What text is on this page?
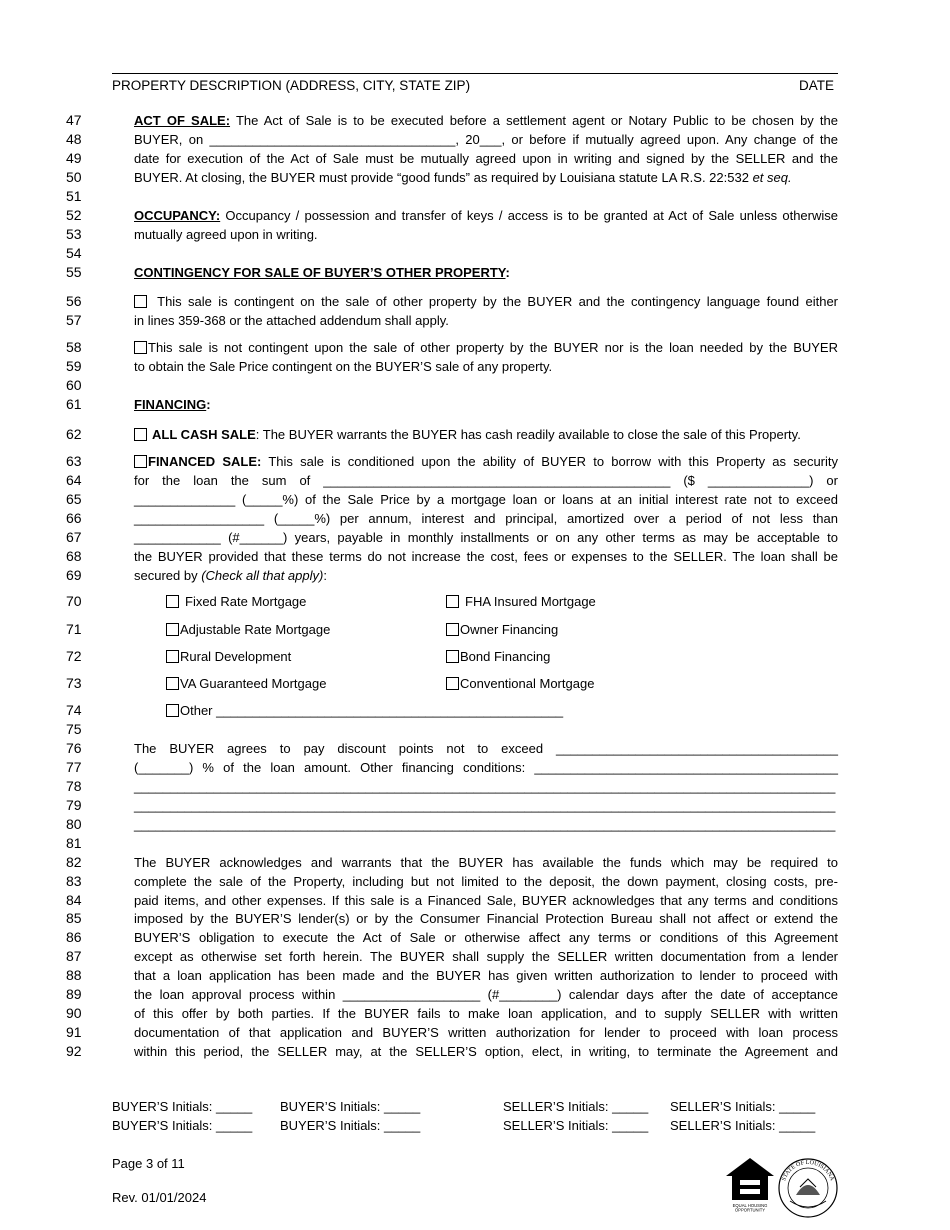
PROPERTY DESCRIPTION (ADDRESS, CITY, STATE ZIP)	DATE
47
48
49
50
51
52
53
54
55
56
57
58
59
60
61
62
63
64
65
66
67
68
69
70
71
72
73
74
75
76
77
78
79
80
81
82
83
84
85
86
87
88
89
90
91
92
ACT OF SALE: The Act of Sale is to be executed before a settlement agent or Notary Public to be chosen by the
BUYER, on __________________________________, 20___, or before if mutually agreed upon. Any change of the
date for execution of the Act of Sale must be mutually agreed upon in writing and signed by the SELLER and the
BUYER. At closing, the BUYER must provide “good funds” as required by Louisiana statute LA R.S. 22:532 et seq.
OCCUPANCY: Occupancy / possession and transfer of keys / access is to be granted at Act of Sale unless otherwise
mutually agreed upon in writing.
CONTINGENCY FOR SALE OF BUYER’S OTHER PROPERTY:
This sale is contingent on the sale of other property by the BUYER and the contingency language found either
in lines 359-368 or the attached addendum shall apply.
This sale is not contingent upon the sale of other property by the BUYER nor is the loan needed by the BUYER
to obtain the Sale Price contingent on the BUYER’S sale of any property.
FINANCING:
ALL CASH SALE: The BUYER warrants the BUYER has cash readily available to close the sale of this Property.
FINANCED SALE: This sale is conditioned upon the ability of BUYER to borrow with this Property as security
for the loan the sum of ________________________________________________ ($ ______________) or
______________ (_____%) of the Sale Price by a mortgage loan or loans at an initial interest rate not to exceed
__________________ (_____%) per annum, interest and principal, amortized over a period of not less than
____________ (#______) years, payable in monthly installments or on any other terms as may be acceptable to
the BUYER provided that these terms do not increase the cost, fees or expenses to the SELLER. The loan shall be
secured by (Check all that apply):
Fixed Rate Mortgage	FHA Insured Mortgage
Adjustable Rate Mortgage	Owner Financing
Rural Development	Bond Financing
VA Guaranteed Mortgage	Conventional Mortgage
Other ________________________________________________
The BUYER agrees to pay discount points not to exceed _______________________________________
(_______) % of the loan amount. Other financing conditions: __________________________________________
_________________________________________________________________________________________________
_________________________________________________________________________________________________
_________________________________________________________________________________________________
The BUYER acknowledges and warrants that the BUYER has available the funds which may be required to
complete the sale of the Property, including but not limited to the deposit, the down payment, closing costs, pre-
paid items, and other expenses. If this sale is a Financed Sale, BUYER acknowledges that any terms and conditions
imposed by the BUYER’S lender(s) or by the Consumer Financial Protection Bureau shall not affect or extend the
BUYER’S obligation to execute the Act of Sale or otherwise affect any terms or conditions of this Agreement
except as otherwise set forth herein. The BUYER shall supply the SELLER written documentation from a lender
that a loan application has been made and the BUYER has given written authorization to lender to proceed with
the loan approval process within ___________________ (#________) calendar days after the date of acceptance
of this offer by both parties. If the BUYER fails to make loan application, and to supply SELLER with written
documentation of that application and BUYER’S written authorization for lender to proceed with loan process
within this period, the SELLER may, at the SELLER’S option, elect, in writing, to terminate the Agreement and
BUYER’S Initials: _____ BUYER’S Initials: _____	SELLER’S Initials: _____ SELLER’S Initials: _____
BUYER’S Initials: _____ BUYER’S Initials: _____	SELLER’S Initials: _____ SELLER’S Initials: _____
Page 3 of 11
Rev. 01/01/2024
EQUAL HOUSING
OPPORTUNITY
STATE OF LOUISIANA
